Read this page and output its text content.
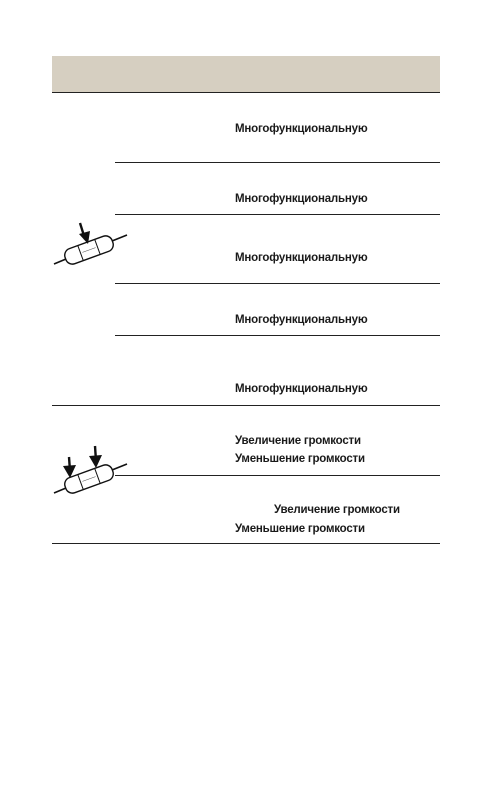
Многофункциональную
Многофункциональную
Многофункциональную
Многофункциональную
Многофункциональную
Увеличение громкости
Уменьшение громкости
Увеличение громкости
Уменьшение громкости
